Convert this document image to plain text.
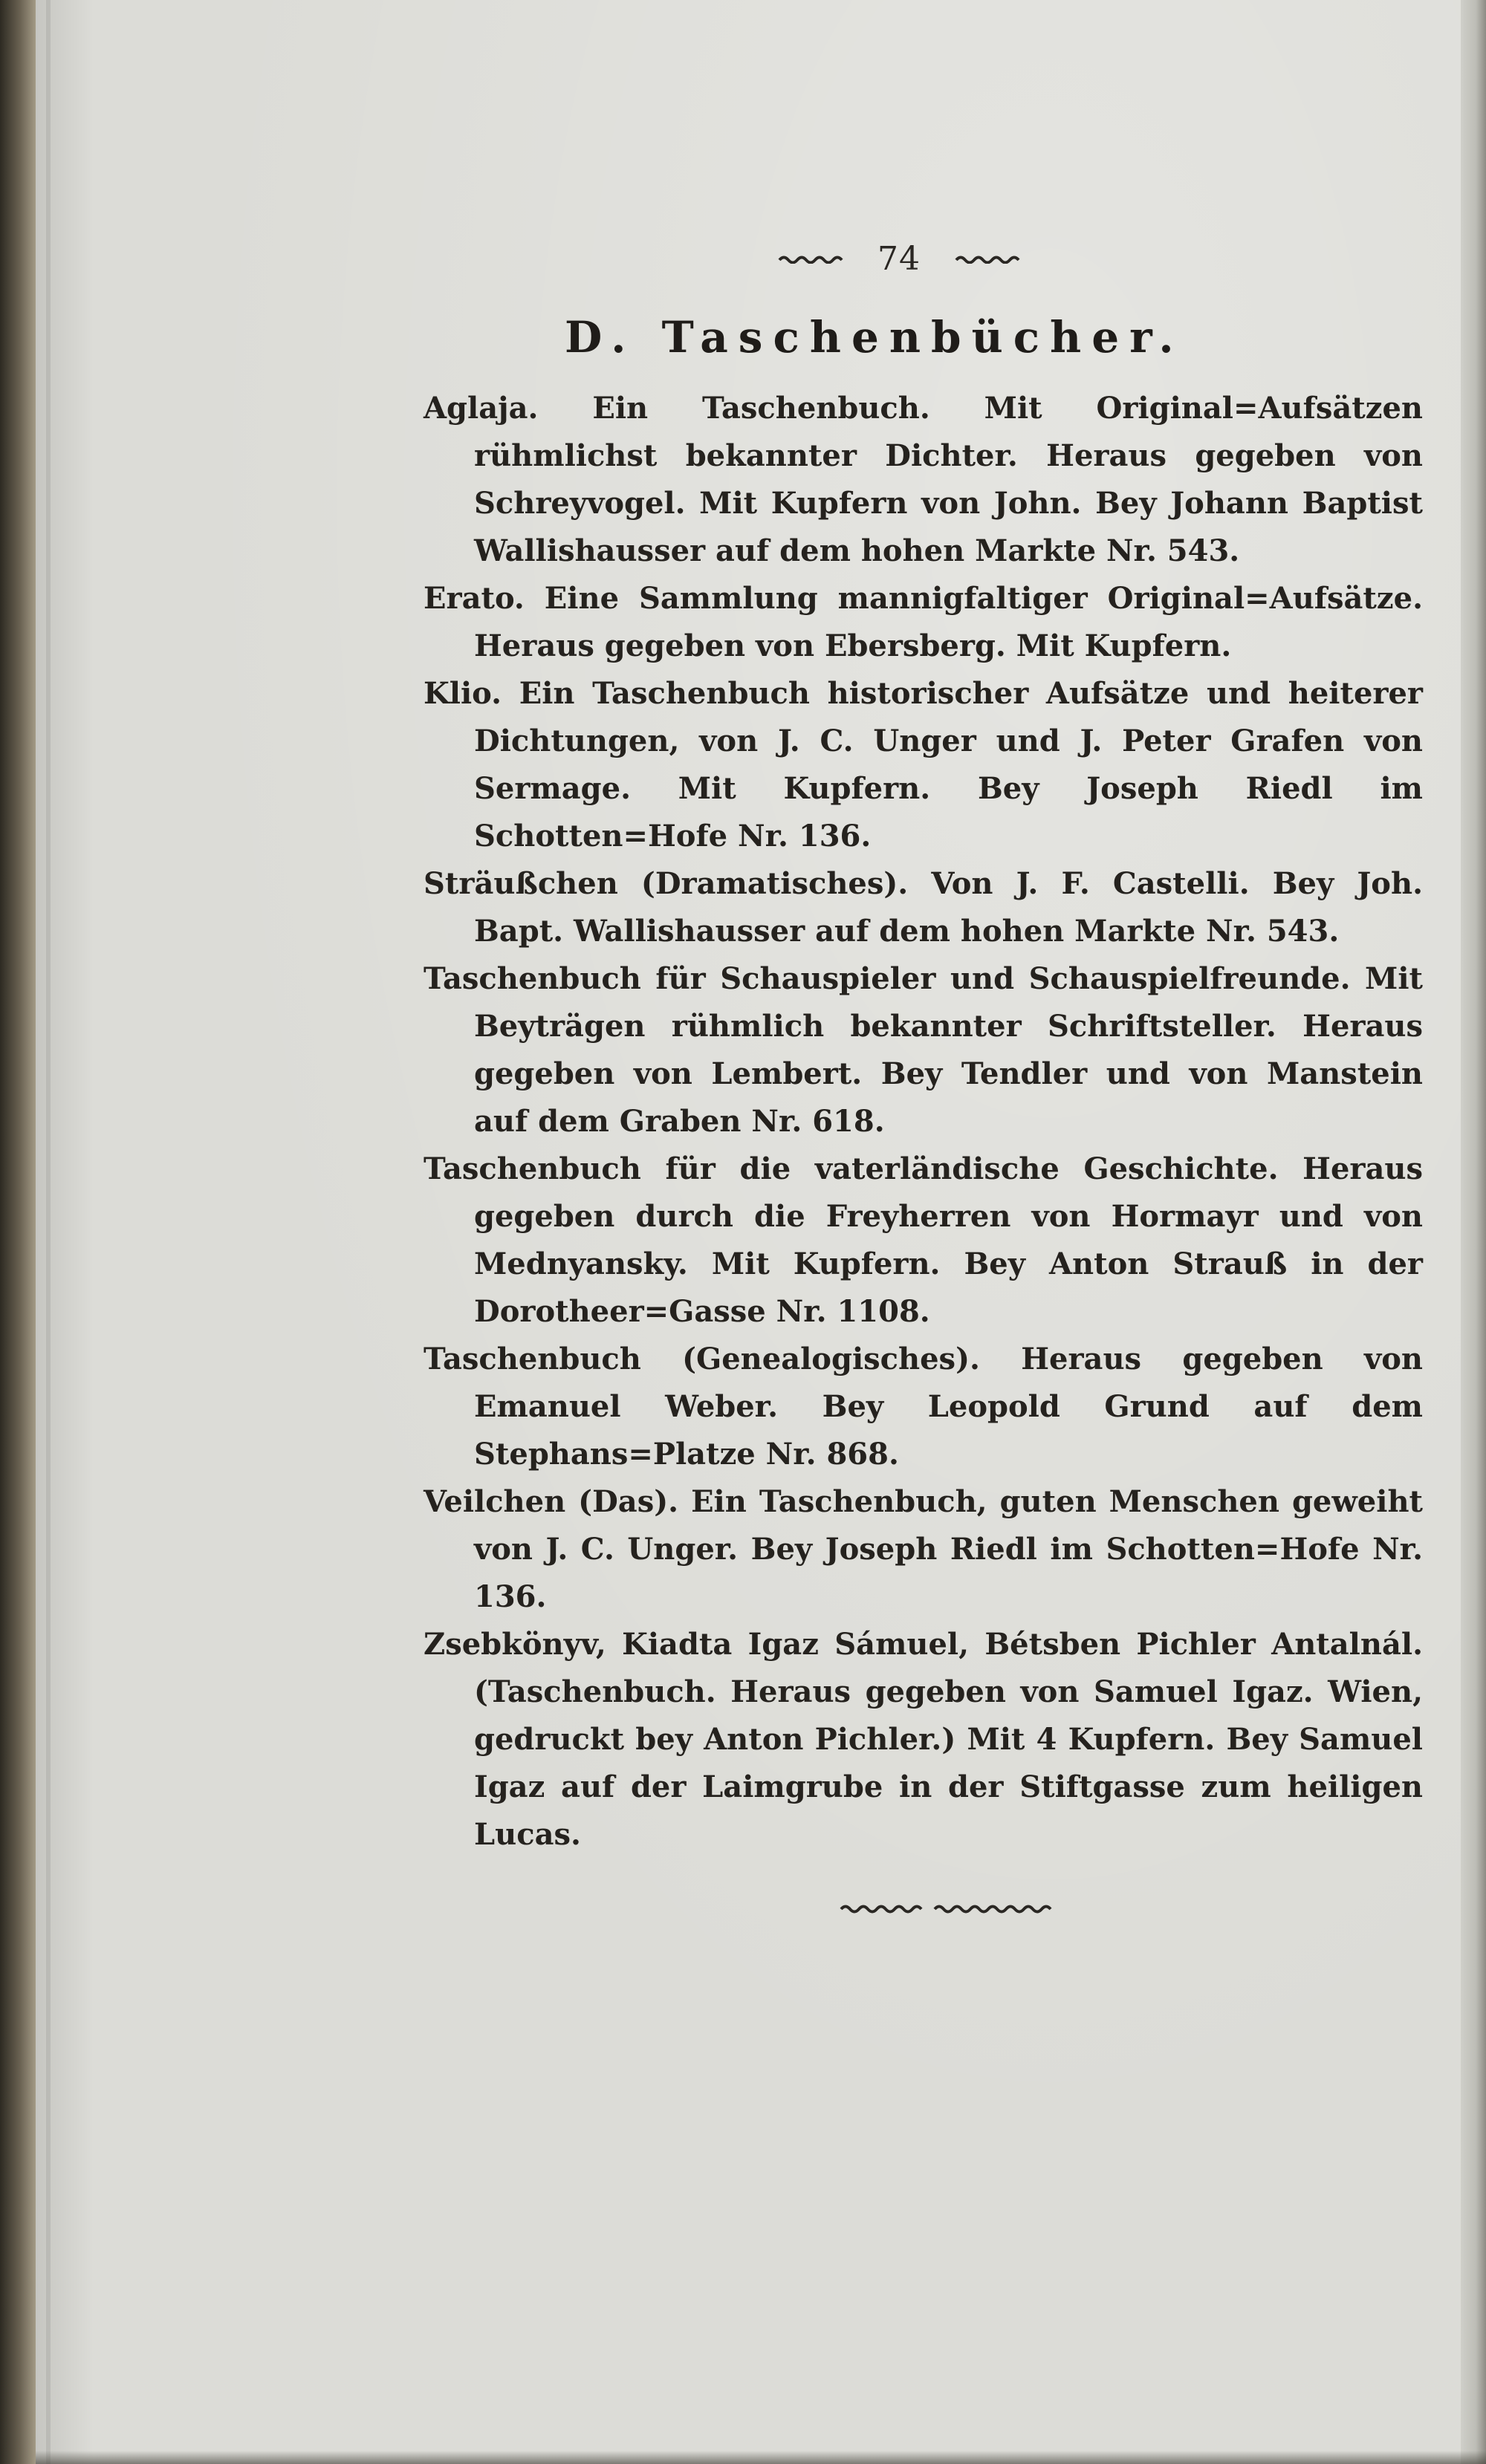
74
D. Taschenbücher.

Aglaja. Ein Taschenbuch. Mit Original=Aufsätzen rühmlichst bekannter Dichter. Heraus gegeben von Schreyvogel. Mit Kupfern von John. Bey Johann Baptist Wallishausser auf dem hohen Markte Nr. 543.

Erato. Eine Sammlung mannigfaltiger Original=Aufsätze. Heraus gegeben von Ebersberg. Mit Kupfern.

Klio. Ein Taschenbuch historischer Aufsätze und heiterer Dichtungen, von J. C. Unger und J. Peter Grafen von Sermage. Mit Kupfern. Bey Joseph Riedl im Schotten=Hofe Nr. 136.

Sträußchen (Dramatisches). Von J. F. Castelli. Bey Joh. Bapt. Wallishausser auf dem hohen Markte Nr. 543.

Taschenbuch für Schauspieler und Schauspielfreunde. Mit Beyträgen rühmlich bekannter Schriftsteller. Heraus gegeben von Lembert. Bey Tendler und von Manstein auf dem Graben Nr. 618.

Taschenbuch für die vaterländische Geschichte. Heraus gegeben durch die Freyherren von Hormayr und von Mednyansky. Mit Kupfern. Bey Anton Strauß in der Dorotheer=Gasse Nr. 1108.

Taschenbuch (Genealogisches). Heraus gegeben von Emanuel Weber. Bey Leopold Grund auf dem Stephans=Platze Nr. 868.

Veilchen (Das). Ein Taschenbuch, guten Menschen geweiht von J. C. Unger. Bey Joseph Riedl im Schotten=Hofe Nr. 136.

Zsebkönyv, Kiadta Igaz Sámuel, Bétsben Pichler Antalnál. (Taschenbuch. Heraus gegeben von Samuel Igaz. Wien, gedruckt bey Anton Pichler.) Mit 4 Kupfern. Bey Samuel Igaz auf der Laimgrube in der Stiftgasse zum heiligen Lucas.
